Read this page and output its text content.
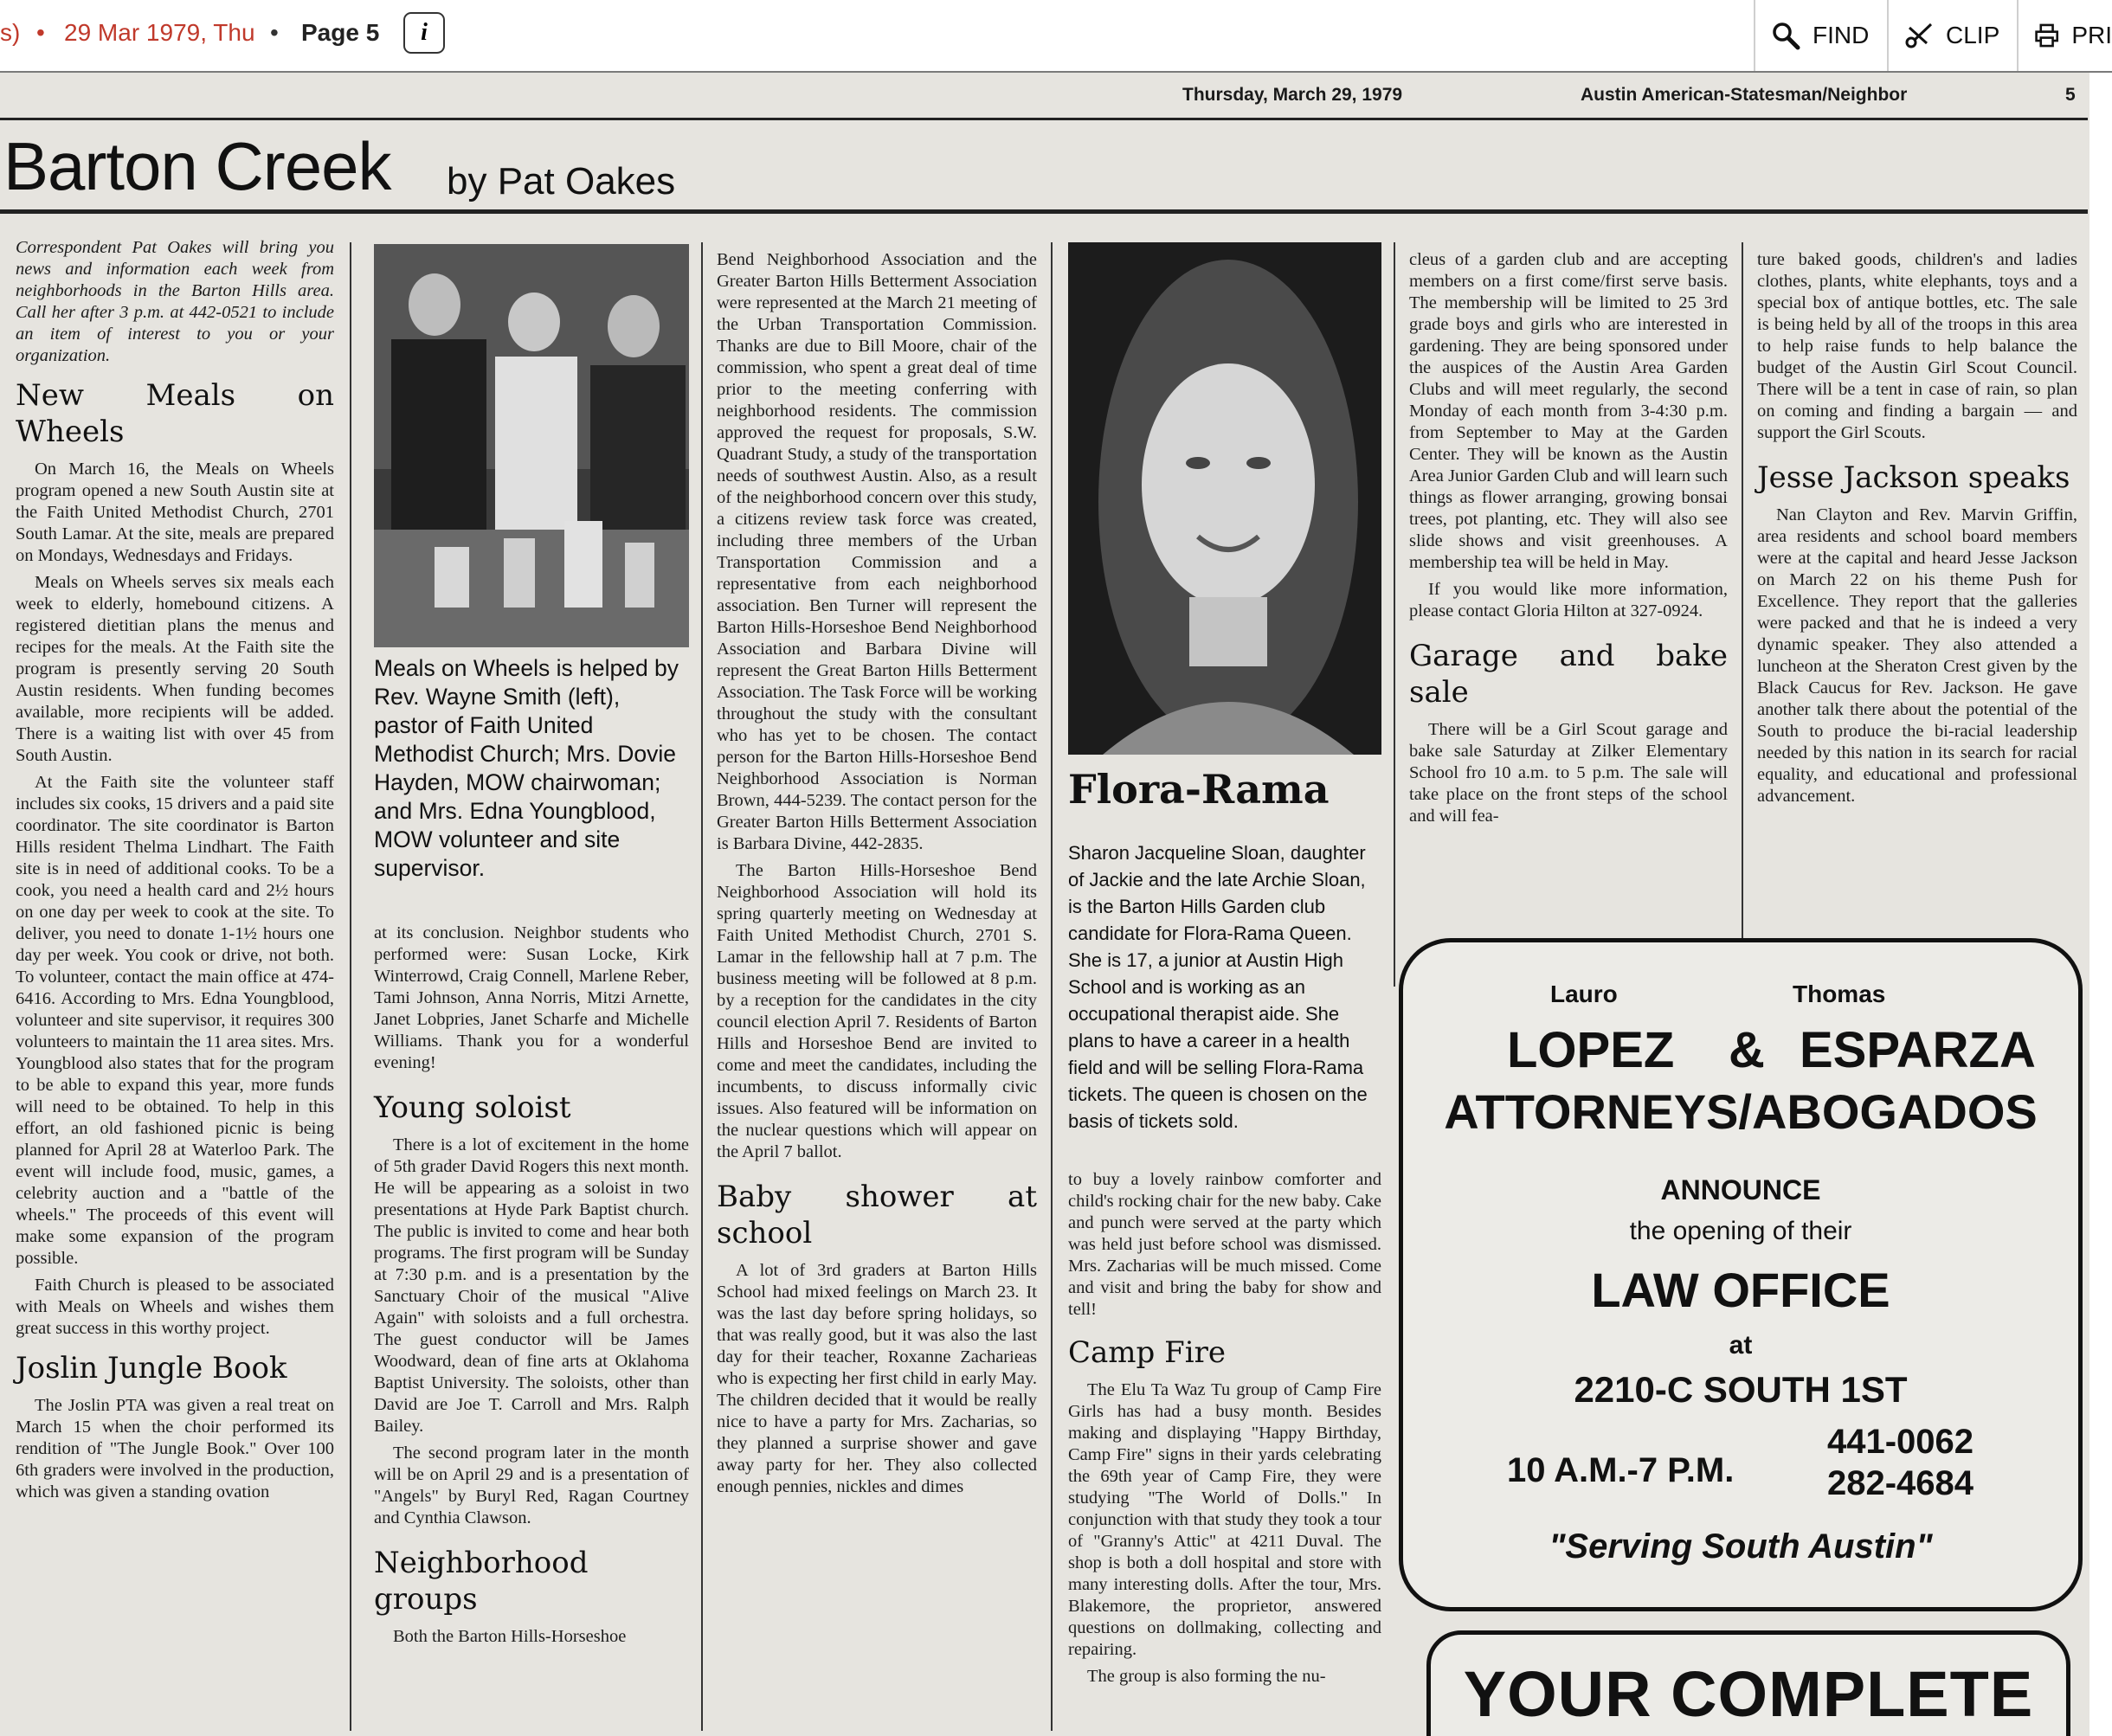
s) • 29 Mar 1979, Thu • Page 5	i	FIND	CLIP	PRI
Thursday, March 29, 1979	Austin American-Statesman/Neighbor	5
Barton Creek by Pat Oakes

Correspondent Pat Oakes will bring you news and information each week from neighborhoods in the Barton Hills area. Call her after 3 p.m. at 442-0521 to include an item of interest to you or your organization.

New Meals on Wheels

On March 16, the Meals on Wheels program opened a new South Austin site at the Faith United Methodist Church, 2701 South Lamar. At the site, meals are prepared on Mondays, Wednesdays and Fridays.

Meals on Wheels serves six meals each week to elderly, homebound citizens. A registered dietitian plans the menus and recipes for the meals. At the Faith site the program is presently serving 20 South Austin residents. When funding becomes available, more recipients will be added. There is a waiting list with over 45 from South Austin.

At the Faith site the volunteer staff includes six cooks, 15 drivers and a paid site coordinator. The site coordinator is Barton Hills resident Thelma Lindhart. The Faith site is in need of additional cooks. To be a cook, you need a health card and 2½ hours on one day per week to cook at the site. To deliver, you need to donate 1-1½ hours one day per week. You cook or drive, not both. To volunteer, contact the main office at 474-6416. According to Mrs. Edna Youngblood, volunteer and site supervisor, it requires 300 volunteers to maintain the 11 area sites. Mrs. Youngblood also states that for the program to be able to expand this year, more funds will need to be obtained. To help in this effort, an old fashioned picnic is being planned for April 28 at Waterloo Park. The event will include food, music, games, a celebrity auction and a "battle of the wheels." The proceeds of this event will make some expansion of the program possible.

Faith Church is pleased to be associated with Meals on Wheels and wishes them great success in this worthy project.

Joslin Jungle Book

The Joslin PTA was given a real treat on March 15 when the choir performed its rendition of "The Jungle Book." Over 100 6th graders were involved in the production, which was given a standing ovation

Meals on Wheels is helped by Rev. Wayne Smith (left), pastor of Faith United Methodist Church; Mrs. Dovie Hayden, MOW chairwoman; and Mrs. Edna Youngblood, MOW volunteer and site supervisor.

at its conclusion. Neighbor students who performed were: Susan Locke, Kirk Winterrowd, Craig Connell, Marlene Reber, Tami Johnson, Anna Norris, Mitzi Arnette, Janet Lobpries, Janet Scharfe and Michelle Williams. Thank you for a wonderful evening!

Young soloist

There is a lot of excitement in the home of 5th grader David Rogers this next month. He will be appearing as a soloist in two presentations at Hyde Park Baptist church. The public is invited to come and hear both programs. The first program will be Sunday at 7:30 p.m. and is a presentation by the Sanctuary Choir of the musical "Alive Again" with soloists and a full orchestra. The guest conductor will be James Woodward, dean of fine arts at Oklahoma Baptist University. The soloists, other than David are Joe T. Carroll and Mrs. Ralph Bailey.

The second program later in the month will be on April 29 and is a presentation of "Angels" by Buryl Red, Ragan Courtney and Cynthia Clawson.

Neighborhood groups

Both the Barton Hills-Horseshoe

Bend Neighborhood Association and the Greater Barton Hills Betterment Association were represented at the March 21 meeting of the Urban Transportation Commission. Thanks are due to Bill Moore, chair of the commission, who spent a great deal of time prior to the meeting conferring with neighborhood residents. The commission approved the request for proposals, S.W. Quadrant Study, a study of the transportation needs of southwest Austin. Also, as a result of the neighborhood concern over this study, a citizens review task force was created, including three members of the Urban Transportation Commission and a representative from each neighborhood association. Ben Turner will represent the Barton Hills-Horseshoe Bend Neighborhood Association and Barbara Divine will represent the Great Barton Hills Betterment Association. The Task Force will be working throughout the study with the consultant who has yet to be chosen. The contact person for the Barton Hills-Horseshoe Bend Neighborhood Association is Norman Brown, 444-5239. The contact person for the Greater Barton Hills Betterment Association is Barbara Divine, 442-2835.

The Barton Hills-Horseshoe Bend Neighborhood Association will hold its spring quarterly meeting on Wednesday at Faith United Methodist Church, 2701 S. Lamar in the fellowship hall at 7 p.m. The business meeting will be followed at 8 p.m. by a reception for the candidates in the city council election April 7. Residents of Barton Hills and Horseshoe Bend are invited to come and meet the candidates, including the incumbents, to discuss informally civic issues. Also featured will be information on the nuclear questions which will appear on the April 7 ballot.

Baby shower at school

A lot of 3rd graders at Barton Hills School had mixed feelings on March 23. It was the last day before spring holidays, so that was really good, but it was also the last day for their teacher, Roxanne Zacharieas who is expecting her first child in early May. The children decided that it would be really nice to have a party for Mrs. Zacharias, so they planned a surprise shower and gave away party for her. They also collected enough pennies, nickles and dimes

Flora-Rama
Sharon Jacqueline Sloan, daughter of Jackie and the late Archie Sloan, is the Barton Hills Garden club candidate for Flora-Rama Queen. She is 17, a junior at Austin High School and is working as an occupational therapist aide. She plans to have a career in a health field and will be selling Flora-Rama tickets. The queen is chosen on the basis of tickets sold.

to buy a lovely rainbow comforter and child's rocking chair for the new baby. Cake and punch were served at the party which was held just before school was dismissed. Mrs. Zacharias will be much missed. Come and visit and bring the baby for show and tell!

Camp Fire

The Elu Ta Waz Tu group of Camp Fire Girls has had a busy month. Besides making and displaying "Happy Birthday, Camp Fire" signs in their yards celebrating the 69th year of Camp Fire, they were studying "The World of Dolls." In conjunction with that study they took a tour of "Granny's Attic" at 4211 Duval. The shop is both a doll hospital and store with many interesting dolls. After the tour, Mrs. Blakemore, the proprietor, answered questions on dollmaking, collecting and repairing.

The group is also forming the nu-

cleus of a garden club and are accepting members on a first come/first serve basis. The membership will be limited to 25 3rd grade boys and girls who are interested in gardening. They are being sponsored under the auspices of the Austin Area Garden Clubs and will meet regularly, the second Monday of each month from 3-4:30 p.m. from September to May at the Garden Center. They will be known as the Austin Area Junior Garden Club and will learn such things as flower arranging, growing bonsai trees, pot planting, etc. They will also see slide shows and visit greenhouses. A membership tea will be held in May.

If you would like more information, please contact Gloria Hilton at 327-0924.

Garage and bake sale

There will be a Girl Scout garage and bake sale Saturday at Zilker Elementary School fro 10 a.m. to 5 p.m. The sale will take place on the front steps of the school and will fea-

ture baked goods, children's and ladies clothes, plants, white elephants, toys and a special box of antique bottles, etc. The sale is being held by all of the troops in this area to help raise funds to help balance the budget of the Austin Girl Scout Council. There will be a tent in case of rain, so plan on coming and finding a bargain — and support the Girl Scouts.

Jesse Jackson speaks

Nan Clayton and Rev. Marvin Griffin, area residents and school board members were at the capital and heard Jesse Jackson on March 22 on his theme Push for Excellence. They report that the galleries were packed and that he is indeed a very dynamic speaker. They also attended a luncheon at the Sheraton Crest given by the Black Caucus for Rev. Jackson. He gave another talk there about the potential of the South to produce the bi-racial leadership needed by this nation in its search for racial equality, and educational and professional advancement.

Lauro	Thomas
LOPEZ & ESPARZA
ATTORNEYS/ABOGADOS
ANNOUNCE
the opening of their
LAW OFFICE
at
2210-C SOUTH 1ST
10 A.M.-7 P.M.
441-0062
282-4684
"Serving South Austin"
YOUR COMPLETE
